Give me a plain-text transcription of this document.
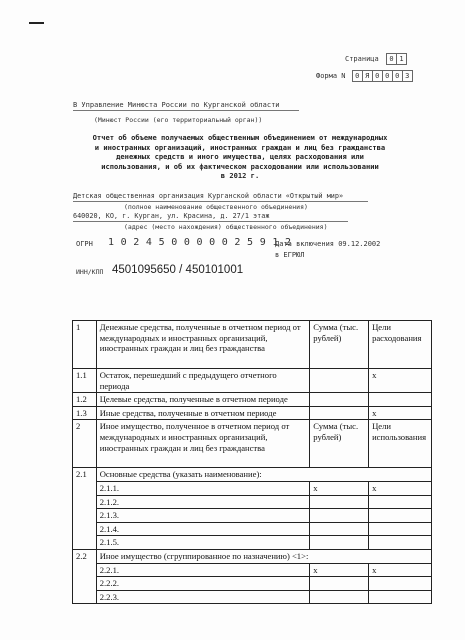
Страница 0 1
Форма N 0 Я 0 0 0 3
В Управление Минюста России по Курганской области
(Минюст России (его территориальный орган))
Отчет об объеме получаемых общественным объединением от международных
и иностранных организаций, иностранных граждан и лиц без гражданства
денежных средств и иного имущества, целях расходования или
использования, и об их фактическом расходовании или использовании
в 2012 г.
Детская общественная организация Курганской области «Открытый мир»
(полное наименование общественного объединения)
640020, КО, г. Курган, ул. Красина, д. 27/1 этаж
(адрес (место нахождения) общественного объединения)
ОГРН 1 0 2 4 5 0 0 0 0 0 2 5 9 1 2
Дата включения 09.12.2002
в ЕГРЮЛ
ИНН/КПП 4501095650 / 450101001
1	Денежные средства, полученные в отчетном период от международных и иностранных организаций, иностранных граждан и лиц без гражданства	Сумма (тыс. рублей)	Цели расходования
1.1	Остаток, перешедший с предыдущего отчетного периода		x
1.2	Целевые средства, полученные в отчетном периоде		
1.3	Иные средства, полученные в отчетном периоде		x
2	Иное имущество, полученное в отчетном период от международных и иностранных организаций, иностранных граждан и лиц без гражданства	Сумма (тыс. рублей)	Цели использования
2.1	Основные средства (указать наименование):		
	2.1.1.	x	x
	2.1.2.		
	2.1.3.		
	2.1.4.		
	2.1.5.		
2.2	Иное имущество (сгруппированное по назначению) <1>:		
	2.2.1.	x	x
	2.2.2.		
	2.2.3.		
